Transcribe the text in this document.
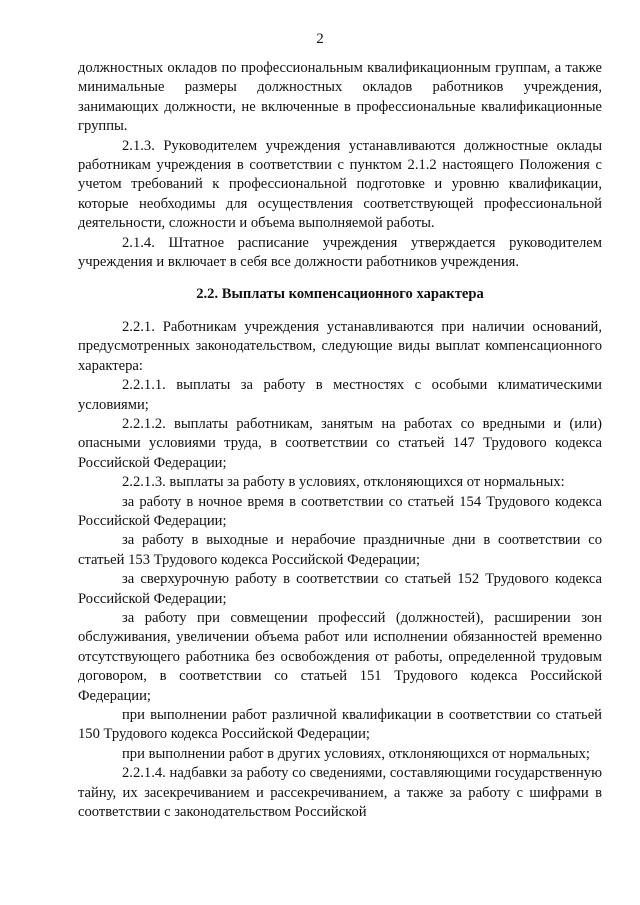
2

должностных окладов по профессиональным квалификационным группам, а также минимальные размеры должностных окладов работников учреждения, занимающих должности, не включенные в профессиональные квалификационные группы.

2.1.3. Руководителем учреждения устанавливаются должностные оклады работникам учреждения в соответствии с пунктом 2.1.2 настоящего Положения с учетом требований к профессиональной подготовке и уровню квалификации, которые необходимы для осуществления соответствующей профессиональной деятельности, сложности и объема выполняемой работы.

2.1.4. Штатное расписание учреждения утверждается руководителем учреждения и включает в себя все должности работников учреждения.

2.2. Выплаты компенсационного характера

2.2.1. Работникам учреждения устанавливаются при наличии оснований, предусмотренных законодательством, следующие виды выплат компенсационного характера:

2.2.1.1. выплаты за работу в местностях с особыми климатическими условиями;

2.2.1.2. выплаты работникам, занятым на работах со вредными и (или) опасными условиями труда, в соответствии со статьей 147 Трудового кодекса Российской Федерации;

2.2.1.3. выплаты за работу в условиях, отклоняющихся от нормальных:

за работу в ночное время в соответствии со статьей 154 Трудового кодекса Российской Федерации;

за работу в выходные и нерабочие праздничные дни в соответствии со статьей 153 Трудового кодекса Российской Федерации;

за сверхурочную работу в соответствии со статьей 152 Трудового кодекса Российской Федерации;

за работу при совмещении профессий (должностей), расширении зон обслуживания, увеличении объема работ или исполнении обязанностей временно отсутствующего работника без освобождения от работы, определенной трудовым договором, в соответствии со статьей 151 Трудового кодекса Российской Федерации;

при выполнении работ различной квалификации в соответствии со статьей 150 Трудового кодекса Российской Федерации;

при выполнении работ в других условиях, отклоняющихся от нормальных;

2.2.1.4. надбавки за работу со сведениями, составляющими государственную тайну, их засекречиванием и рассекречиванием, а также за работу с шифрами в соответствии с законодательством Российской
